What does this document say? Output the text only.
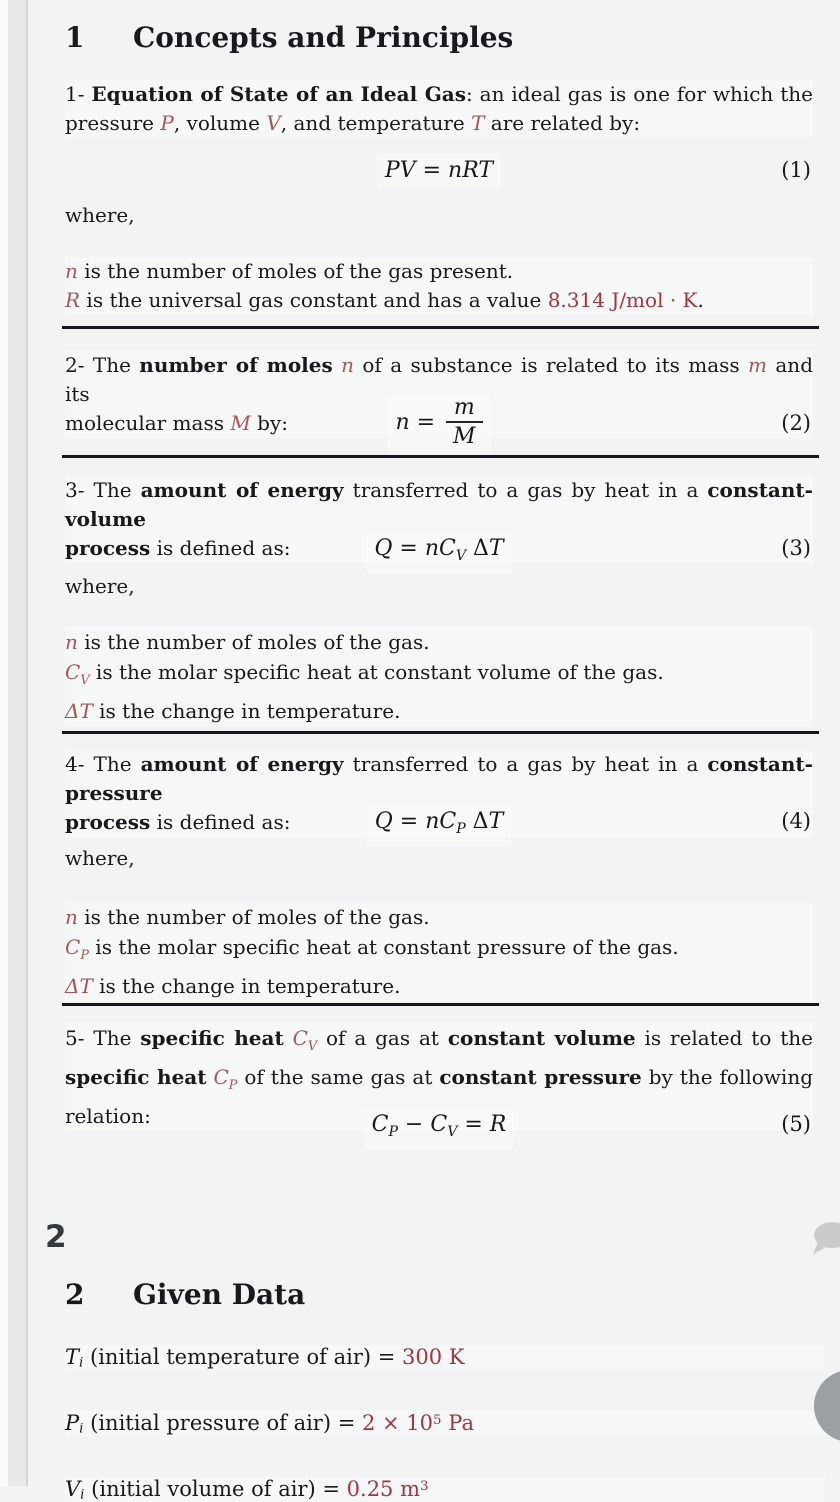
1 Concepts and Principles
1- Equation of State of an Ideal Gas: an ideal gas is one for which the
pressure P, volume V, and temperature T are related by:
PV = nRT	(1)
where,
n is the number of moles of the gas present.
R is the universal gas constant and has a value 8.314 J/mol · K.
2- The number of moles n of a substance is related to its mass m and its
molecular mass M by:	$n = \frac{m}{M}$	(2)
3- The amount of energy transferred to a gas by heat in a constant-volume
process is defined as:	$Q = nC_V$ ΔT	(3)
where,
n is the number of moles of the gas.
$C_V$ is the molar specific heat at constant volume of the gas.
ΔT is the change in temperature.
4- The amount of energy transferred to a gas by heat in a constant-pressure
process is defined as:	$Q = nC_P$ ΔT	(4)
where,
n is the number of moles of the gas.
$C_P$ is the molar specific heat at constant pressure of the gas.
ΔT is the change in temperature.
5- The specific heat $C_V$ of a gas at constant volume is related to the
specific heat $C_P$ of the same gas at constant pressure by the following
relation:	$C_P - C_V = R$	(5)
2
2 Given Data
Ti (initial temperature of air) = 300 K
Pi (initial pressure of $air) = 2 \times 10^5$ Pa
Vi (initial volume of air) = 0.25 $m^3$
